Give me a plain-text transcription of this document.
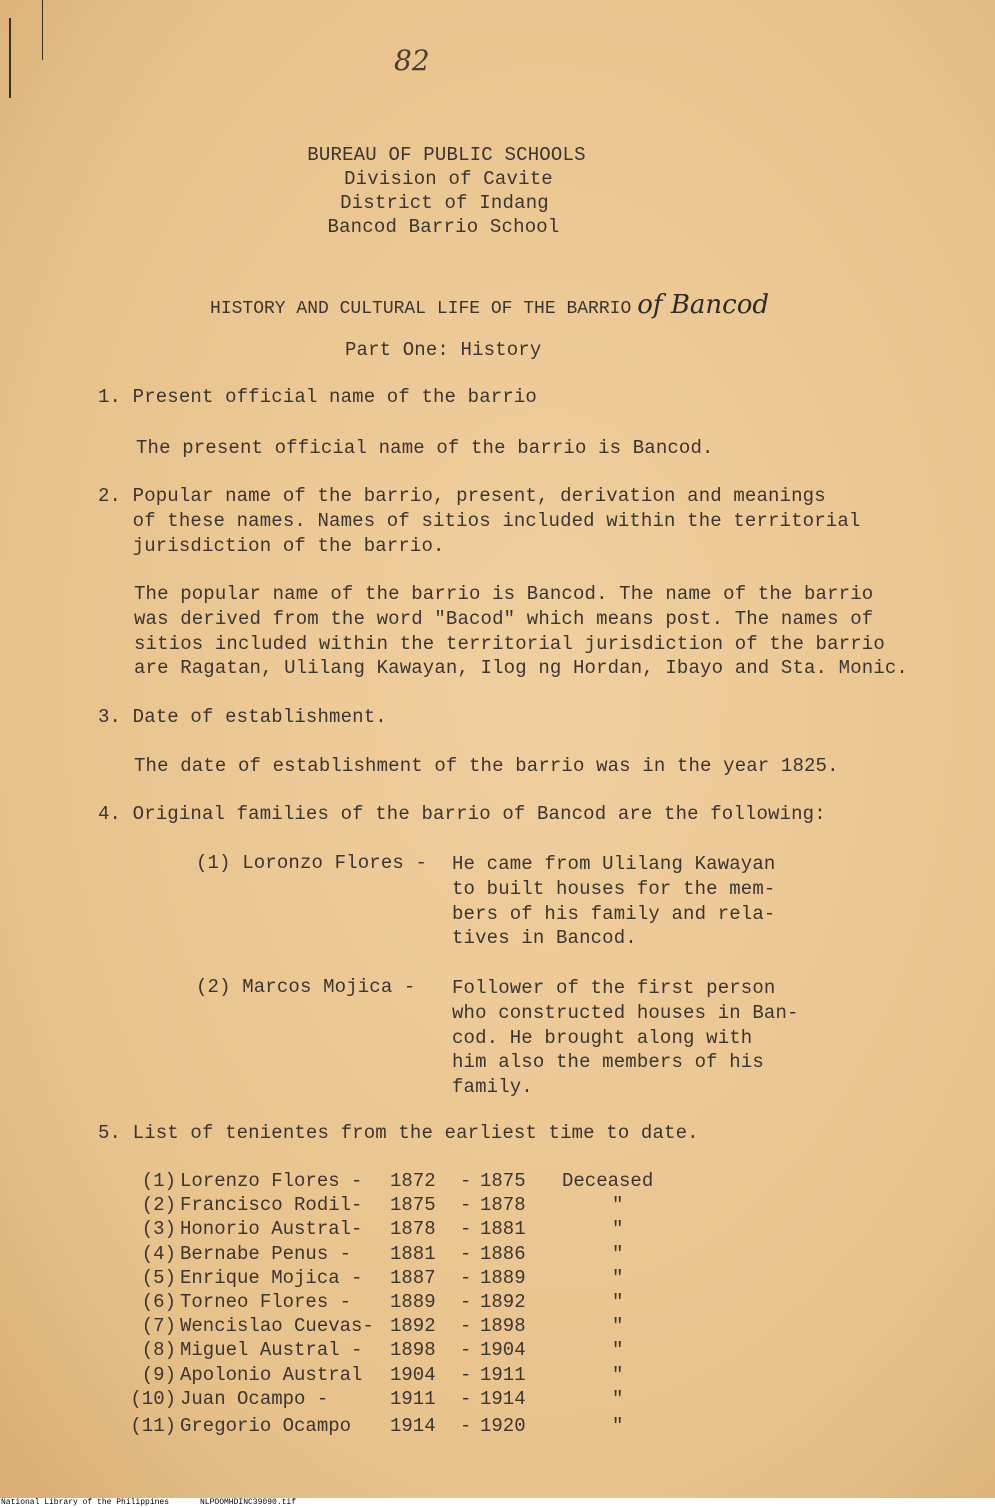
82
BUREAU OF PUBLIC SCHOOLS
Division of Cavite
District of Indang
Bancod Barrio School
HISTORY AND CULTURAL LIFE OF THE BARRIO of Bancod
Part One: History
1. Present official name of the barrio
The present official name of the barrio is Bancod.
2. Popular name of the barrio, present, derivation and meanings
of these names. Names of sitios included within the territorial
jurisdiction of the barrio.
The popular name of the barrio is Bancod. The name of the barrio
was derived from the word "Bacod" which means post. The names of
sitios included within the territorial jurisdiction of the barrio
are Ragatan, Ulilang Kawayan, Ilog ng Hordan, Ibayo and Sta. Monic.
3. Date of establishment.
The date of establishment of the barrio was in the year 1825.
4. Original families of the barrio of Bancod are the following:
(1) Loronzo Flores - He came from Ulilang Kawayan
to built houses for the mem-
bers of his family and rela-
tives in Bancod.
(2) Marcos Mojica - Follower of the first person
who constructed houses in Ban-
cod. He brought along with
him also the members of his
family.
5. List of tenientes from the earliest time to date.
(1) Lorenzo Flores - 1872 - 1875 Deceased
(2) Francisco Rodil- 1875 - 1878	"
(3) Honorio Austral- 1878 - 1881	"
(4) Bernabe Penus - 1881 - 1886	"
(5) Enrique Mojica - 1887 - 1889	"
(6) Torneo Flores - 1889 - 1892	"
(7) Wencislao Cuevas- 1892 - 1898	"
(8) Miguel Austral - 1898 - 1904	"
(9) Apolonio Austral 1904 - 1911	"
(10) Juan Ocampo -	1911 - 1914	"
(11) Gregorio Ocampo 1914 - 1920	"
National Library of the Philippines	NLPOOMHDINC39090.tif
